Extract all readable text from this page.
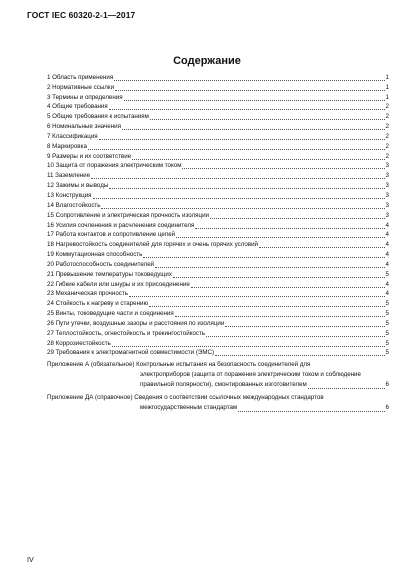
ГОСТ IEC 60320-2-1—2017
Содержание
1 Область применения	1
2 Нормативные ссылки	1
3 Термины и определения	1
4 Общие требования	2
5 Общие требования к испытаниям	2
6 Номинальные значения	2
7 Классификация	2
8 Маркировка	2
9 Размеры и их соответствие	2
10 Защита от поражения электрическим током	3
11 Заземление	3
12 Зажимы и выводы	3
13 Конструкция	3
14 Влагостойкость	3
15 Сопротивление и электрическая прочность изоляции	3
16 Усилия сочленения и расчленения соединителя	4
17 Работа контактов и сопротивление цепей	4
18 Нагревостойкость соединителей для горячих и очень горячих условий	4
19 Коммутационная способность	4
20 Работоспособность соединителей	4
21 Превышение температуры токоведущих	5
22 Гибкие кабели или шнуры и их присоединение	4
23 Механическая прочность	4
24 Стойкость к нагреву и старению	5
25 Винты, токоведущие части и соединения	5
26 Пути утечки, воздушные зазоры и расстояния по изоляции	5
27 Теплостойкость, огнестойкость и трекингостойкость	5
28 Коррозиестойкость	5
29 Требования к электромагнитной совместимости (ЭМС)	5
Приложение А (обязательное) Контрольные испытания на безопасность соединителей для
электроприборов (защита от поражения электрическим током и соблюдение
правильной полярности), смонтированных изготовителем	6
Приложение ДА (справочное) Сведения о соответствии ссылочных международных стандартов
межгосударственным стандартам	6
IV
